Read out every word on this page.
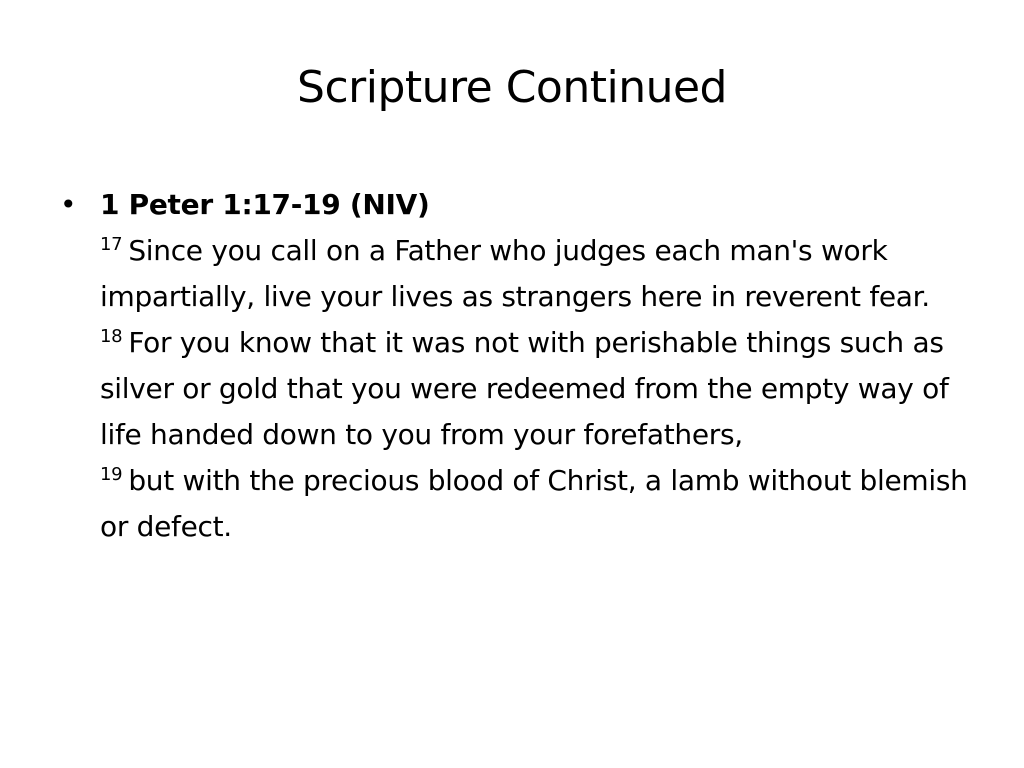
Scripture Continued
• 1 Peter 1:17-19 (NIV)
$^{17}$ Since you call on a Father who judges each man's work impartially, live your lives as strangers here in reverent fear.
$^{18}$ For you know that it was not with perishable things such as silver or gold that you were redeemed from the empty way of life handed down to you from your forefathers,
$^{19}$ but with the precious blood of Christ, a lamb without blemish or defect.
